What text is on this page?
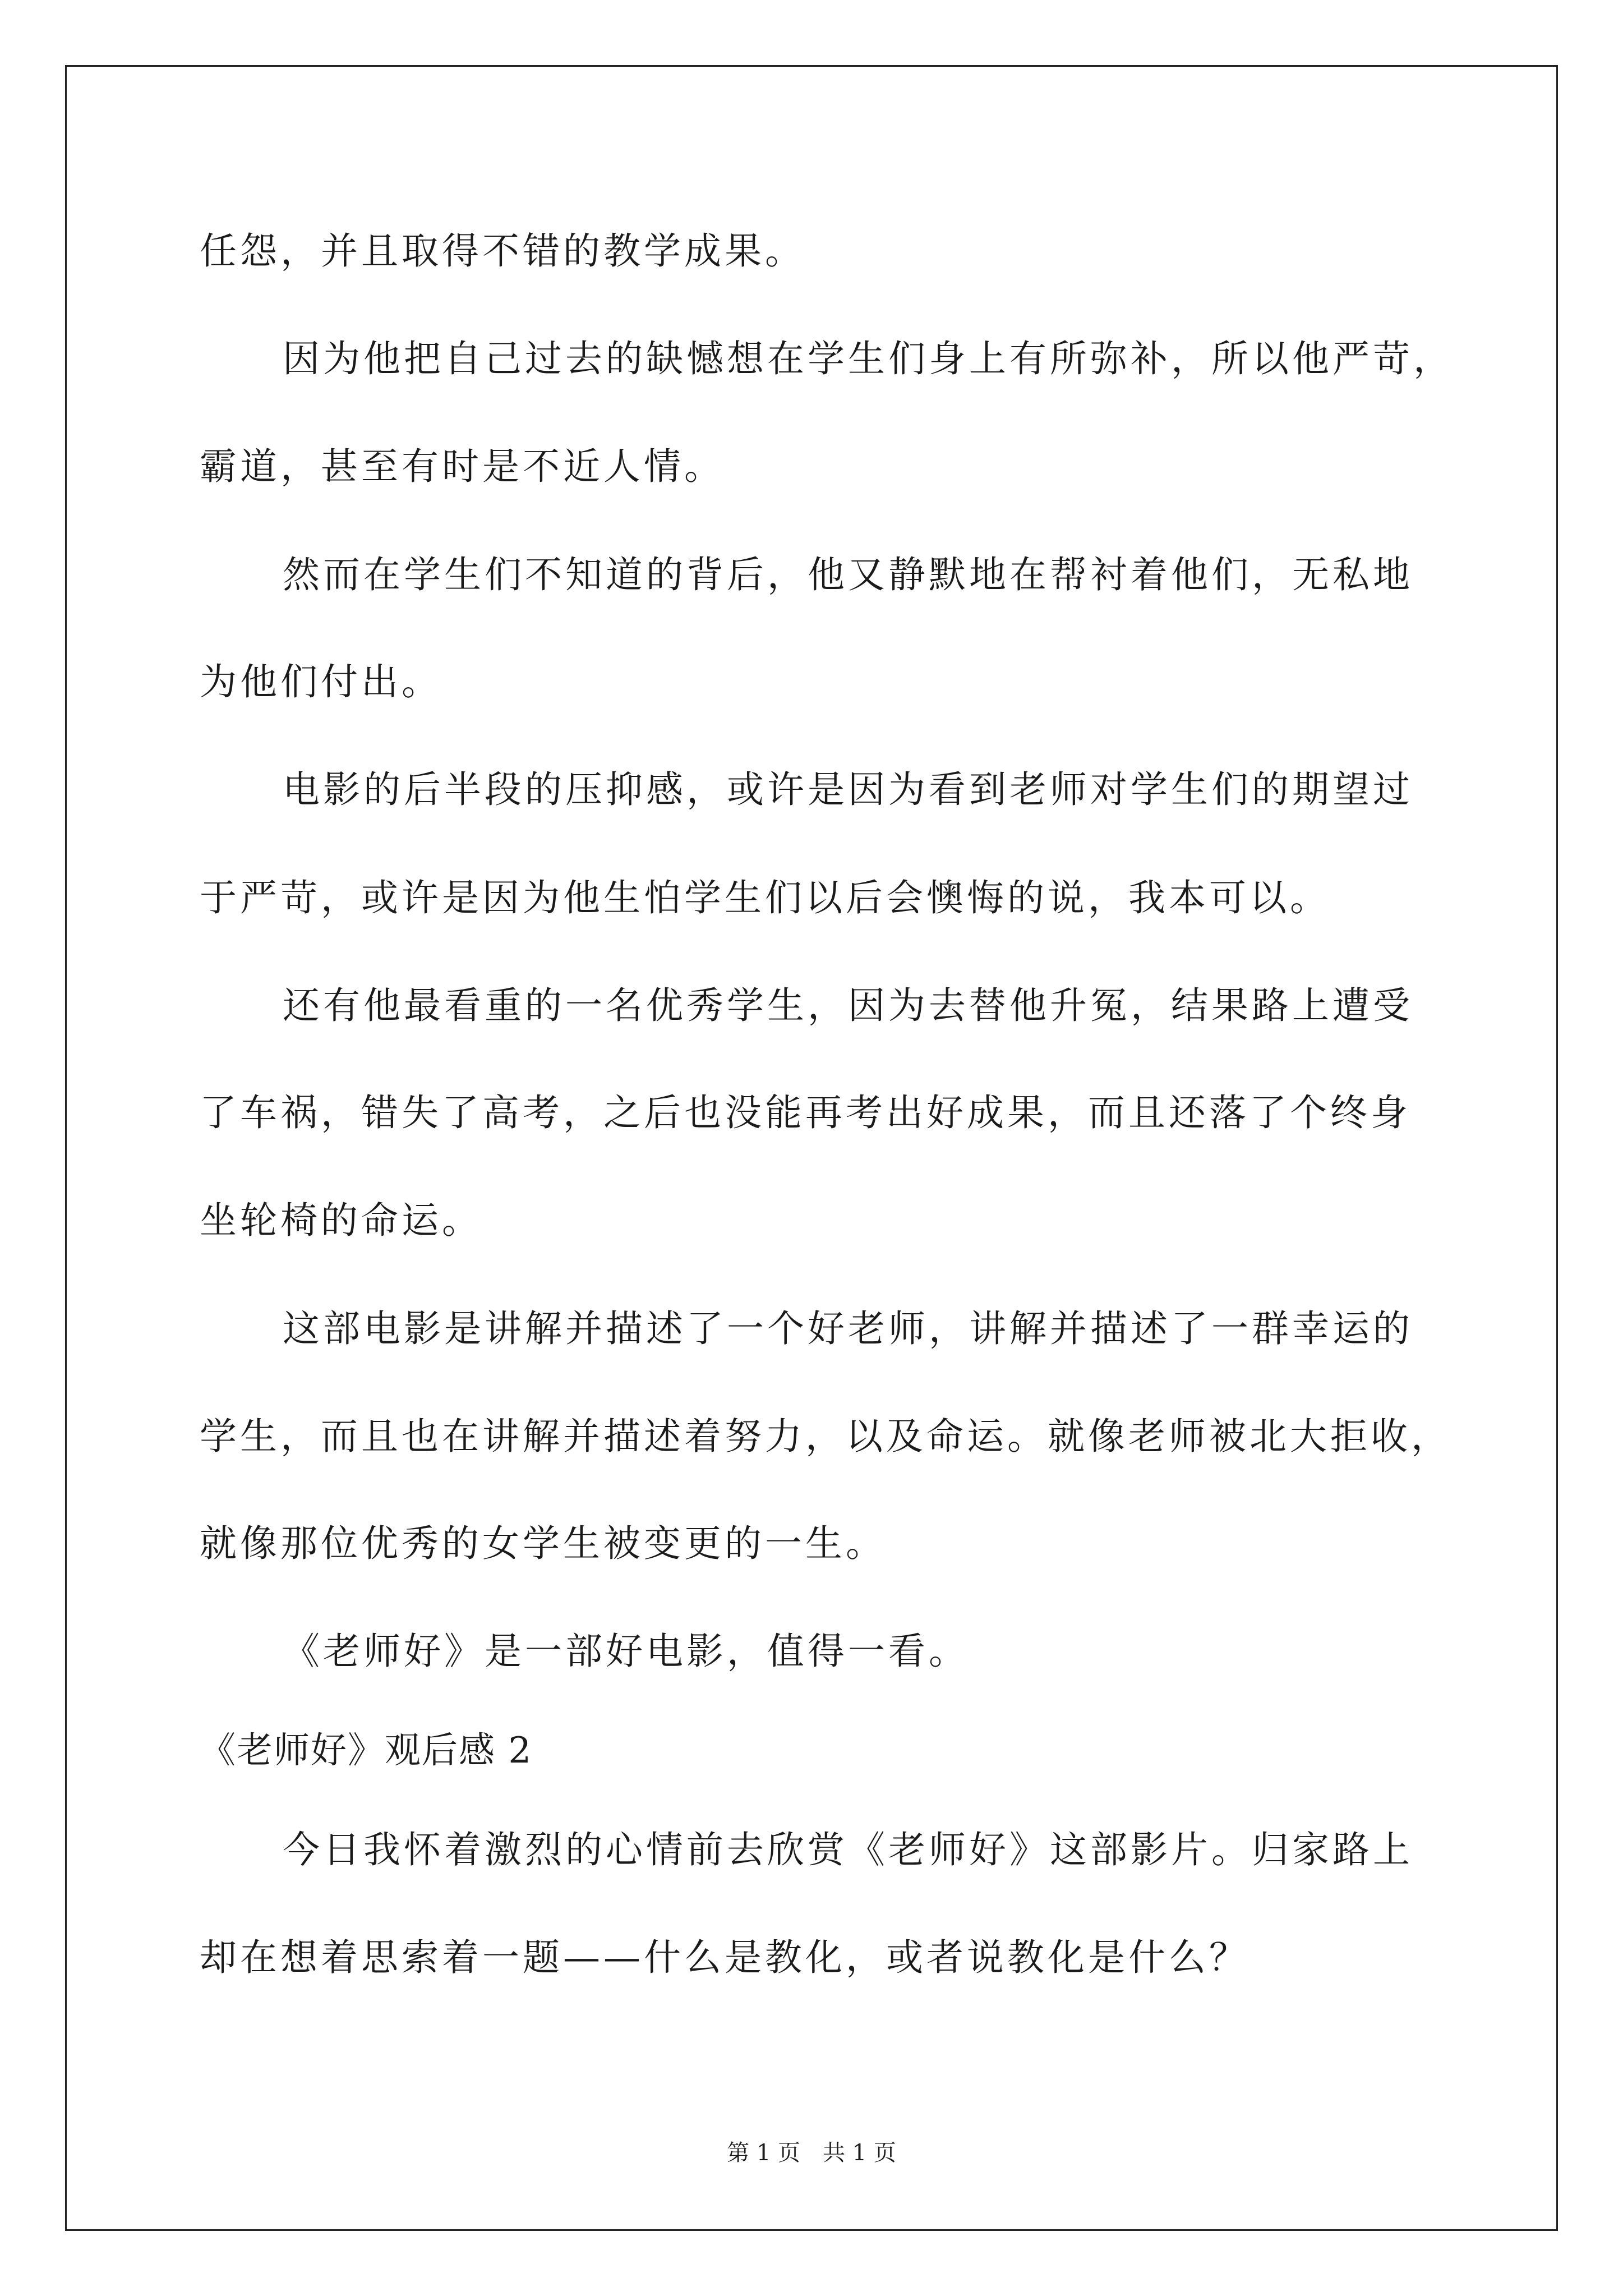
任怨，并且取得不错的教学成果。
因为他把自己过去的缺憾想在学生们身上有所弥补，所以他严苛，
霸道，甚至有时是不近人情。
然而在学生们不知道的背后，他又静默地在帮衬着他们，无私地
为他们付出。
电影的后半段的压抑感，或许是因为看到老师对学生们的期望过
于严苛，或许是因为他生怕学生们以后会懊悔的说，我本可以。
还有他最看重的一名优秀学生，因为去替他升冤，结果路上遭受
了车祸，错失了高考，之后也没能再考出好成果，而且还落了个终身
坐轮椅的命运。
这部电影是讲解并描述了一个好老师，讲解并描述了一群幸运的
学生，而且也在讲解并描述着努力，以及命运。就像老师被北大拒收，
就像那位优秀的女学生被变更的一生。
《老师好》是一部好电影，值得一看。
《老师好》观后感 2
今日我怀着激烈的心情前去欣赏《老师好》这部影片。归家路上
却在想着思索着一题——什么是教化，或者说教化是什么？
第 1 页　共 1 页
